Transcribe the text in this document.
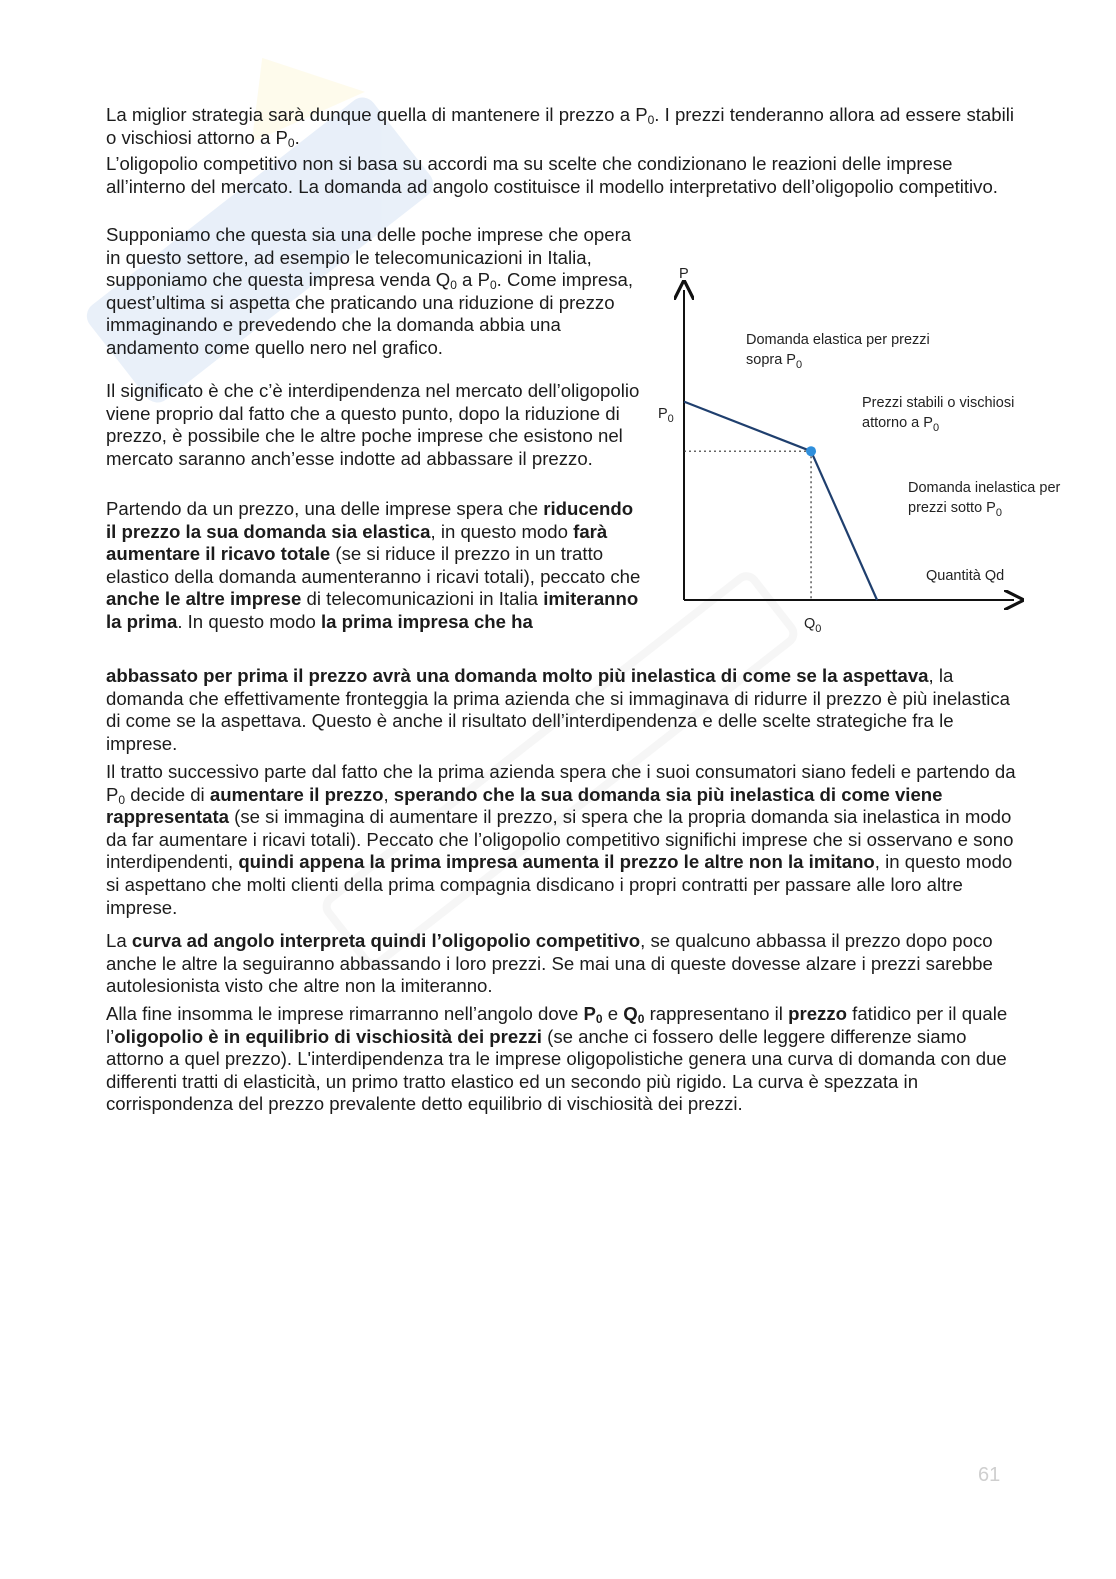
La miglior strategia sarà dunque quella di mantenere il prezzo a $P_0$. I prezzi tenderanno allora ad essere stabili o vischiosi attorno a $P_0$.

L’oligopolio competitivo non si basa su accordi ma su scelte che condizionano le reazioni delle imprese all’interno del mercato. La domanda ad angolo costituisce il modello interpretativo dell’oligopolio competitivo.

Supponiamo che questa sia una delle poche imprese che opera in questo settore, ad esempio le telecomunicazioni in Italia, supponiamo che questa impresa venda $Q_0$ a $P_0$. Come impresa, quest’ultima si aspetta che praticando una riduzione di prezzo immaginando e prevedendo che la domanda abbia una andamento come quello nero nel grafico.

Il significato è che c’è interdipendenza nel mercato dell’oligopolio viene proprio dal fatto che a questo punto, dopo la riduzione di prezzo, è possibile che le altre poche imprese che esistono nel mercato saranno anch’esse indotte ad abbassare il prezzo.

Partendo da un prezzo, una delle imprese spera che riducendo il prezzo la sua domanda sia elastica, in questo modo farà aumentare il ricavo totale (se si riduce il prezzo in un tratto elastico della domanda aumenteranno i ricavi totali), peccato che anche le altre imprese di telecomunicazioni in Italia imiteranno la prima. In questo modo la prima impresa che ha

abbassato per prima il prezzo avrà una domanda molto più inelastica di come se la aspettava, la domanda che effettivamente fronteggia la prima azienda che si immaginava di ridurre il prezzo è più inelastica di come se la aspettava. Questo è anche il risultato dell’interdipendenza e delle scelte strategiche fra le imprese.

Il tratto successivo parte dal fatto che la prima azienda spera che i suoi consumatori siano fedeli e partendo da $P_0$ decide di aumentare il prezzo, sperando che la sua domanda sia più inelastica di come viene rappresentata (se si immagina di aumentare il prezzo, si spera che la propria domanda sia inelastica in modo da far aumentare i ricavi totali). Peccato che l’oligopolio competitivo significhi imprese che si osservano e sono interdipendenti, quindi appena la prima impresa aumenta il prezzo le altre non la imitano, in questo modo si aspettano che molti clienti della prima compagnia disdicano i propri contratti per passare alle loro altre imprese.

La curva ad angolo interpreta quindi l’oligopolio competitivo, se qualcuno abbassa il prezzo dopo poco anche le altre la seguiranno abbassando i loro prezzi. Se mai una di queste dovesse alzare i prezzi sarebbe autolesionista visto che altre non la imiteranno.

Alla fine insomma le imprese rimarranno nell’angolo dove $P_0$ e $Q_0$ rappresentano il prezzo fatidico per il quale l’oligopolio è in equilibrio di vischiosità dei prezzi (se anche ci fossero delle leggere differenze siamo attorno a quel prezzo). L'interdipendenza tra le imprese oligopolistiche genera una curva di domanda con due differenti tratti di elasticità, un primo tratto elastico ed un secondo più rigido. La curva è spezzata in corrispondenza del prezzo prevalente detto equilibrio di vischiosità dei prezzi.

P
Quantità Qd
$P_0$
$Q_0$
Domanda elastica per prezzi
sopra $P_0$
Prezzi stabili o vischiosi
attorno a $P_0$
Domanda inelastica per
prezzi sotto $P_0$
61
